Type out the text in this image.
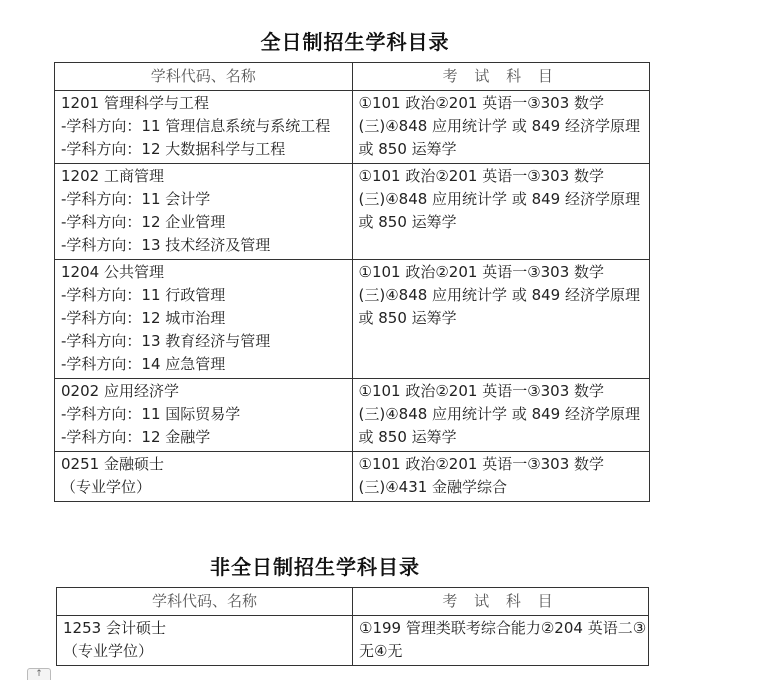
全日制招生学科目录
学科代码、名称	考 试 科 目

1201 管理科学与工程
-学科方向：11 管理信息系统与系统工程
-学科方向：12 大数据科学与工程	①101 政治②201 英语一③303 数学(三)④848 应用统计学 或 849 经济学原理或 850 运筹学

1202 工商管理
-学科方向：11 会计学
-学科方向：12 企业管理
-学科方向：13 技术经济及管理	①101 政治②201 英语一③303 数学(三)④848 应用统计学 或 849 经济学原理或 850 运筹学

1204 公共管理
-学科方向：11 行政管理
-学科方向：12 城市治理
-学科方向：13 教育经济与管理
-学科方向：14 应急管理	①101 政治②201 英语一③303 数学(三)④848 应用统计学 或 849 经济学原理或 850 运筹学

0202 应用经济学
-学科方向：11 国际贸易学
-学科方向：12 金融学	①101 政治②201 英语一③303 数学(三)④848 应用统计学 或 849 经济学原理或 850 运筹学

0251 金融硕士
（专业学位）	①101 政治②201 英语一③303 数学(三)④431 金融学综合
非全日制招生学科目录
学科代码、名称	考 试 科 目

1253 会计硕士
（专业学位）	①199 管理类联考综合能力②204 英语二③无④无
↑
